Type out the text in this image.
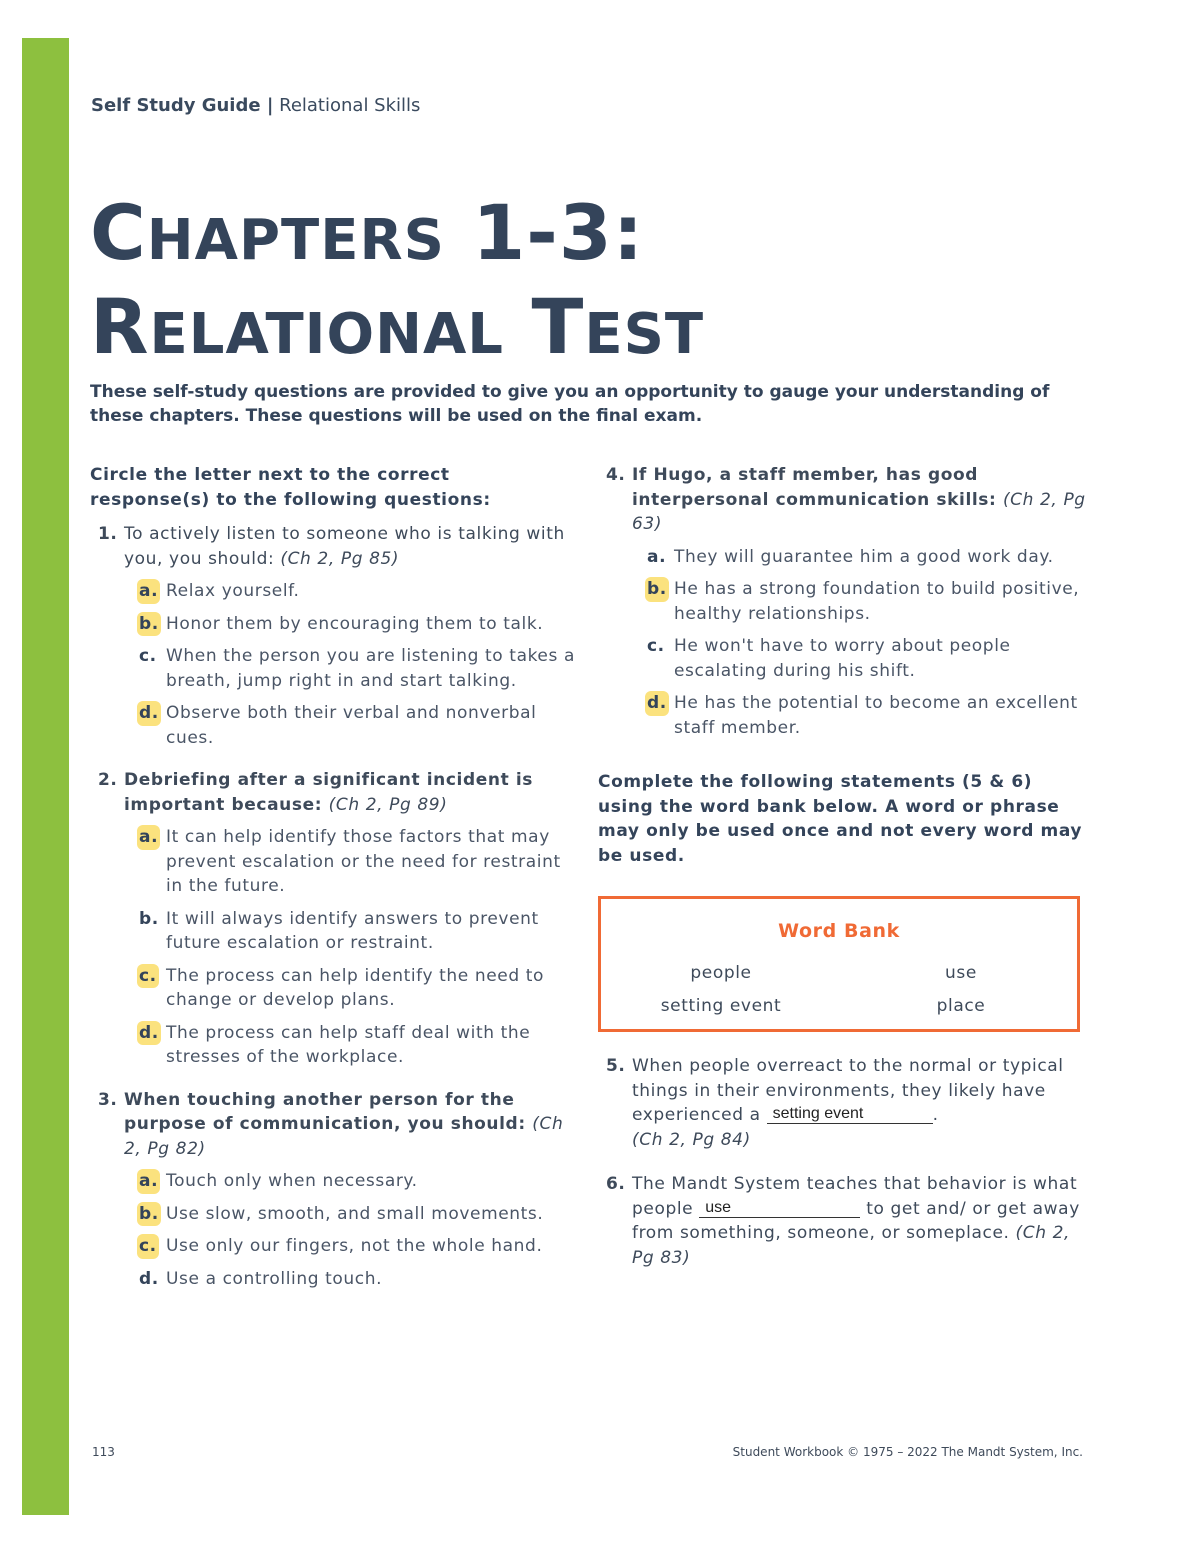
Self Study Guide | Relational Skills
CHAPTERS 1-3:
RELATIONAL TEST
These self-study questions are provided to give you an opportunity to gauge your understanding of these chapters. These questions will be used on the final exam.
Circle the letter next to the correct response(s) to the following questions:
1. To actively listen to someone who is talking with you, you should: (Ch 2, Pg 85)
a. Relax yourself.
b. Honor them by encouraging them to talk.
c. When the person you are listening to takes a breath, jump right in and start talking.
d. Observe both their verbal and nonverbal cues.
2. Debriefing after a significant incident is important because: (Ch 2, Pg 89)
a. It can help identify those factors that may prevent escalation or the need for restraint in the future.
b. It will always identify answers to prevent future escalation or restraint.
c. The process can help identify the need to change or develop plans.
d. The process can help staff deal with the stresses of the workplace.
3. When touching another person for the purpose of communication, you should: (Ch 2, Pg 82)
a. Touch only when necessary.
b. Use slow, smooth, and small movements.
c. Use only our fingers, not the whole hand.
d. Use a controlling touch.
4. If Hugo, a staff member, has good interpersonal communication skills: (Ch 2, Pg 63)
a. They will guarantee him a good work day.
b. He has a strong foundation to build positive, healthy relationships.
c. He won't have to worry about people escalating during his shift.
d. He has the potential to become an excellent staff member.
Complete the following statements (5 & 6) using the word bank below. A word or phrase may only be used once and not every word may be used.
Word Bank
people	use
setting event	place
5. When people overreact to the normal or typical things in their environments, they likely have experienced a setting event	.
(Ch 2, Pg 84)
6. The Mandt System teaches that behavior is what people use	to get and/ or get away from something, someone, or someplace. (Ch 2, Pg 83)
113	Student Workbook © 1975 – 2022 The Mandt System, Inc.
